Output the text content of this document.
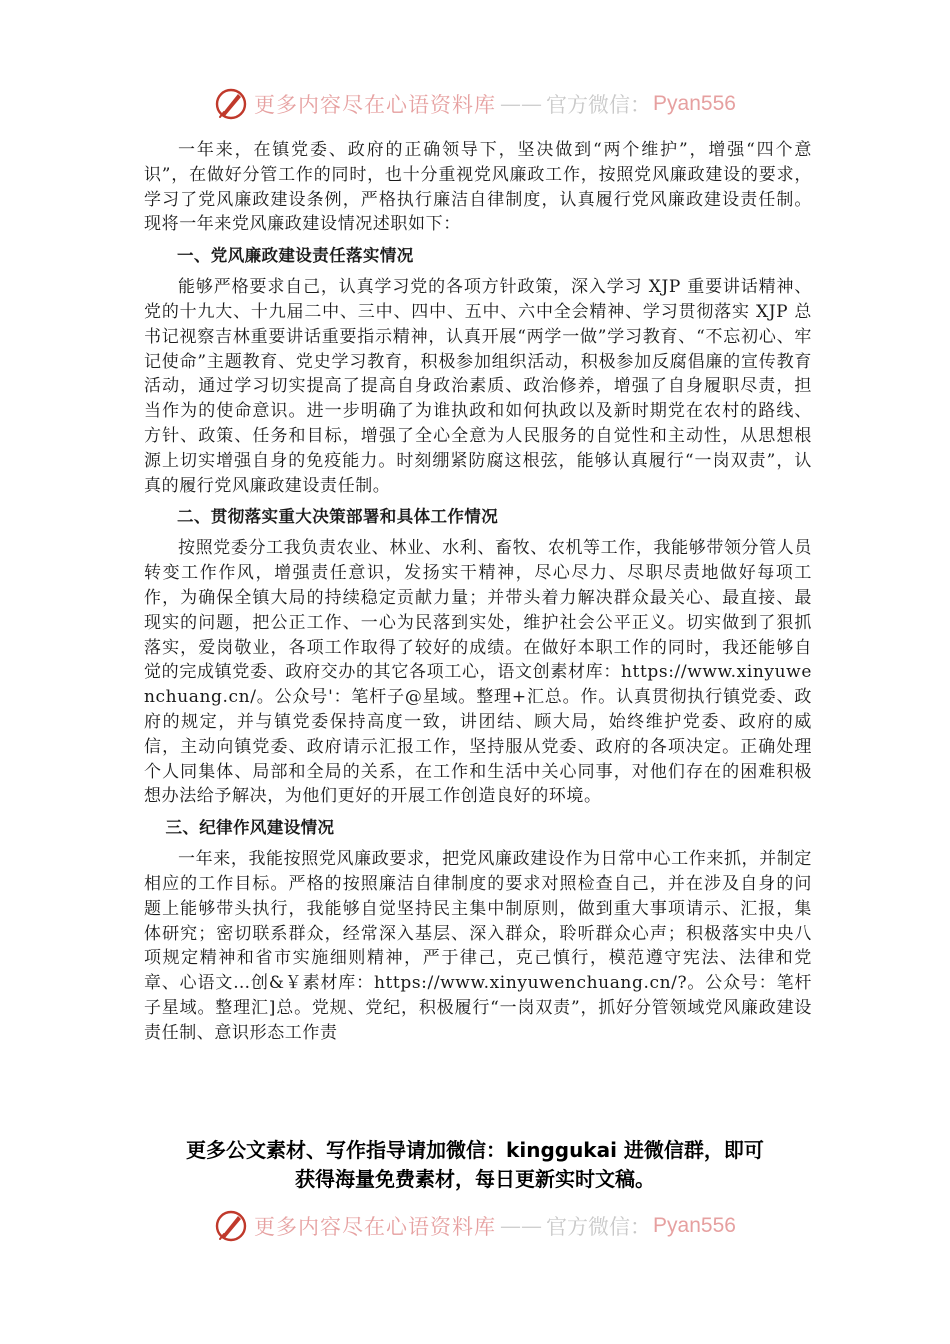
更多内容尽在心语资料库 —— 官方微信： Pyan556

一年来，在镇党委、政府的正确领导下，坚决做到“两个维护”，增强“四个意识”，在做好分管工作的同时，也十分重视党风廉政工作，按照党风廉政建设的要求，学习了党风廉政建设条例，严格执行廉洁自律制度，认真履行党风廉政建设责任制。现将一年来党风廉政建设情况述职如下：

一、党风廉政建设责任落实情况

能够严格要求自己，认真学习党的各项方针政策，深入学习 XJP 重要讲话精神、党的十九大、十九届二中、三中、四中、五中、六中全会精神、学习贯彻落实 XJP 总书记视察吉林重要讲话重要指示精神，认真开展“两学一做”学习教育、“不忘初心、牢记使命”主题教育、党史学习教育，积极参加组织活动，积极参加反腐倡廉的宣传教育活动，通过学习切实提高了提高自身政治素质、政治修养，增强了自身履职尽责，担当作为的使命意识。进一步明确了为谁执政和如何执政以及新时期党在农村的路线、方针、政策、任务和目标，增强了全心全意为人民服务的自觉性和主动性，从思想根源上切实增强自身的免疫能力。时刻绷紧防腐这根弦，能够认真履行“一岗双责”，认真的履行党风廉政建设责任制。

二、贯彻落实重大决策部署和具体工作情况

按照党委分工我负责农业、林业、水利、畜牧、农机等工作，我能够带领分管人员转变工作作风，增强责任意识，发扬实干精神，尽心尽力、尽职尽责地做好每项工作，为确保全镇大局的持续稳定贡献力量；并带头着力解决群众最关心、最直接、最现实的问题，把公正工作、一心为民落到实处，维护社会公平正义。切实做到了狠抓落实，爱岗敬业，各项工作取得了较好的成绩。在做好本职工作的同时，我还能够自觉的完成镇党委、政府交办的其它各项工心，语文创素材库：https://www.xinyuwenchuang.cn/。公众号'：笔杆子@星域。整理+汇总。作。认真贯彻执行镇党委、政府的规定，并与镇党委保持高度一致，讲团结、顾大局，始终维护党委、政府的威信，主动向镇党委、政府请示汇报工作，坚持服从党委、政府的各项决定。正确处理个人同集体、局部和全局的关系，在工作和生活中关心同事，对他们存在的困难积极想办法给予解决，为他们更好的开展工作创造良好的环境。

三、纪律作风建设情况

一年来，我能按照党风廉政要求，把党风廉政建设作为日常中心工作来抓，并制定相应的工作目标。严格的按照廉洁自律制度的要求对照检查自己，并在涉及自身的问题上能够带头执行，我能够自觉坚持民主集中制原则，做到重大事项请示、汇报，集体研究；密切联系群众，经常深入基层、深入群众，聆听群众心声；积极落实中央八项规定精神和省市实施细则精神，严于律己，克己慎行，模范遵守宪法、法律和党章、心语文…创&￥素材库：https://www.xinyuwenchuang.cn/?。公众号：笔杆子星域。整理汇]总。党规、党纪，积极履行“一岗双责”，抓好分管领域党风廉政建设责任制、意识形态工作责

更多公文素材、写作指导请加微信：kinggukai 进微信群，即可
获得海量免费素材，每日更新实时文稿。
更多内容尽在心语资料库 —— 官方微信： Pyan556
